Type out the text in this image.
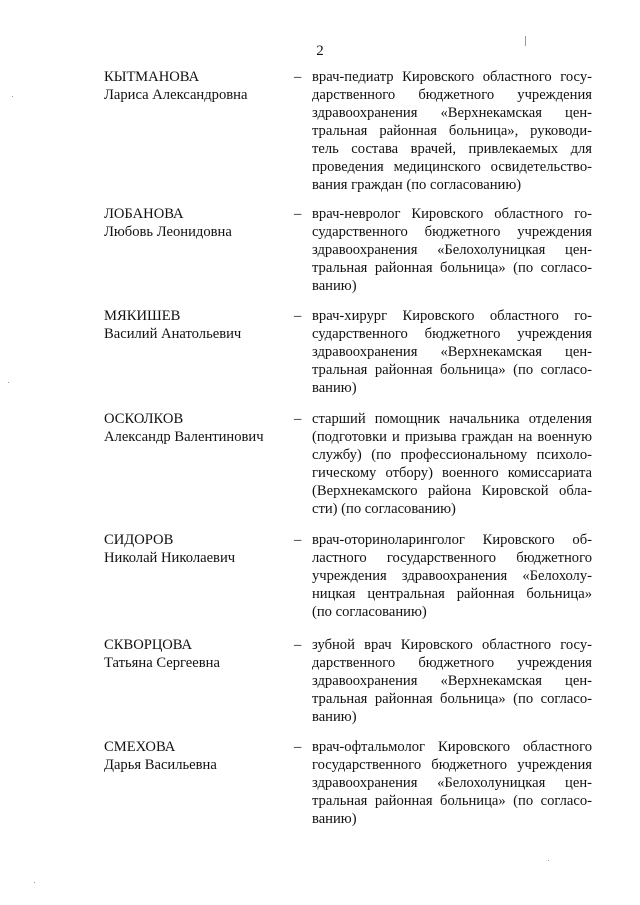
2
КЫТМАНОВА
Лариса Александровна
– врач-педиатр Кировского областного госу-
дарственного бюджетного учреждения
здравоохранения «Верхнекамская цен-
тральная районная больница», руководи-
тель состава врачей, привлекаемых для
проведения медицинского освидетельство-
вания граждан (по согласованию)
ЛОБАНОВА
Любовь Леонидовна
– врач-невролог Кировского областного го-
сударственного бюджетного учреждения
здравоохранения «Белохолуницкая цен-
тральная районная больница» (по согласо-
ванию)
МЯКИШЕВ
Василий Анатольевич
– врач-хирург Кировского областного го-
сударственного бюджетного учреждения
здравоохранения «Верхнекамская цен-
тральная районная больница» (по согласо-
ванию)
ОСКОЛКОВ
Александр Валентинович
– старший помощник начальника отделения
(подготовки и призыва граждан на военную
службу) (по профессиональному психоло-
гическому отбору) военного комиссариата
(Верхнекамского района Кировской обла-
сти) (по согласованию)
СИДОРОВ
Николай Николаевич
– врач-оториноларинголог Кировского об-
ластного государственного бюджетного
учреждения здравоохранения «Белохолу-
ницкая центральная районная больница»
(по согласованию)
СКВОРЦОВА
Татьяна Сергеевна
– зубной врач Кировского областного госу-
дарственного бюджетного учреждения
здравоохранения «Верхнекамская цен-
тральная районная больница» (по согласо-
ванию)
СМЕХОВА
Дарья Васильевна
– врач-офтальмолог Кировского областного
государственного бюджетного учреждения
здравоохранения «Белохолуницкая цен-
тральная районная больница» (по согласо-
ванию)
